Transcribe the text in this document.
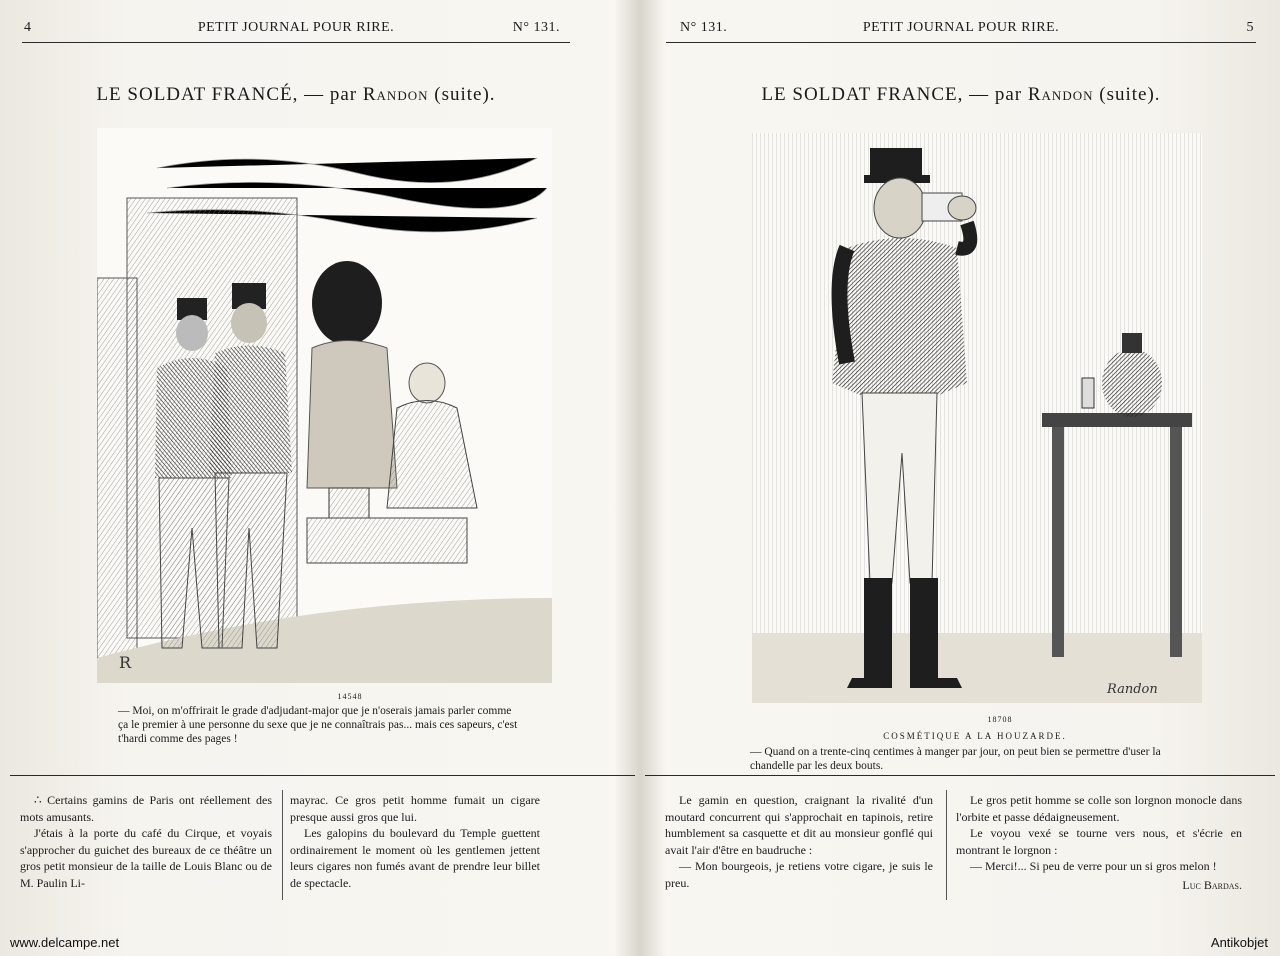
4	PETIT JOURNAL POUR RIRE.	N° 131.
LE SOLDAT FRANCÉ, — par Randon (suite).
R
14548
— Moi, on m'offrirait le grade d'adjudant-major que je n'oserais jamais parler comme ça le premier à une personne du sexe que je ne connaîtrais pas... mais ces sapeurs, c'est t'hardi comme des pages !

∴ Certains gamins de Paris ont réellement des mots amusants.

J'étais à la porte du café du Cirque, et voyais s'approcher du guichet des bureaux de ce théâtre un gros petit monsieur de la taille de Louis Blanc ou de M. Paulin Li-

mayrac. Ce gros petit homme fumait un cigare presque aussi gros que lui.

Les galopins du boulevard du Temple guettent ordinairement le moment où les gentlemen jettent leurs cigares non fumés avant de prendre leur billet de spectacle.

www.delcampe.net
N° 131.	PETIT JOURNAL POUR RIRE.	5
LE SOLDAT FRANCE, — par Randon (suite).
Randon
18708
COSMÉTIQUE A LA HOUZARDE.
— Quand on a trente-cinq centimes à manger par jour, on peut bien se permettre d'user la chandelle par les deux bouts.

Le gamin en question, craignant la rivalité d'un moutard concurrent qui s'approchait en tapinois, retire humblement sa casquette et dit au monsieur gonflé qui avait l'air d'être en baudruche :

— Mon bourgeois, je retiens votre cigare, je suis le preu.

Le gros petit homme se colle son lorgnon monocle dans l'orbite et passe dédaigneusement.

Le voyou vexé se tourne vers nous, et s'écrie en montrant le lorgnon :

— Merci!... Si peu de verre pour un si gros melon !

Luc Bardas.
Antikobjet
